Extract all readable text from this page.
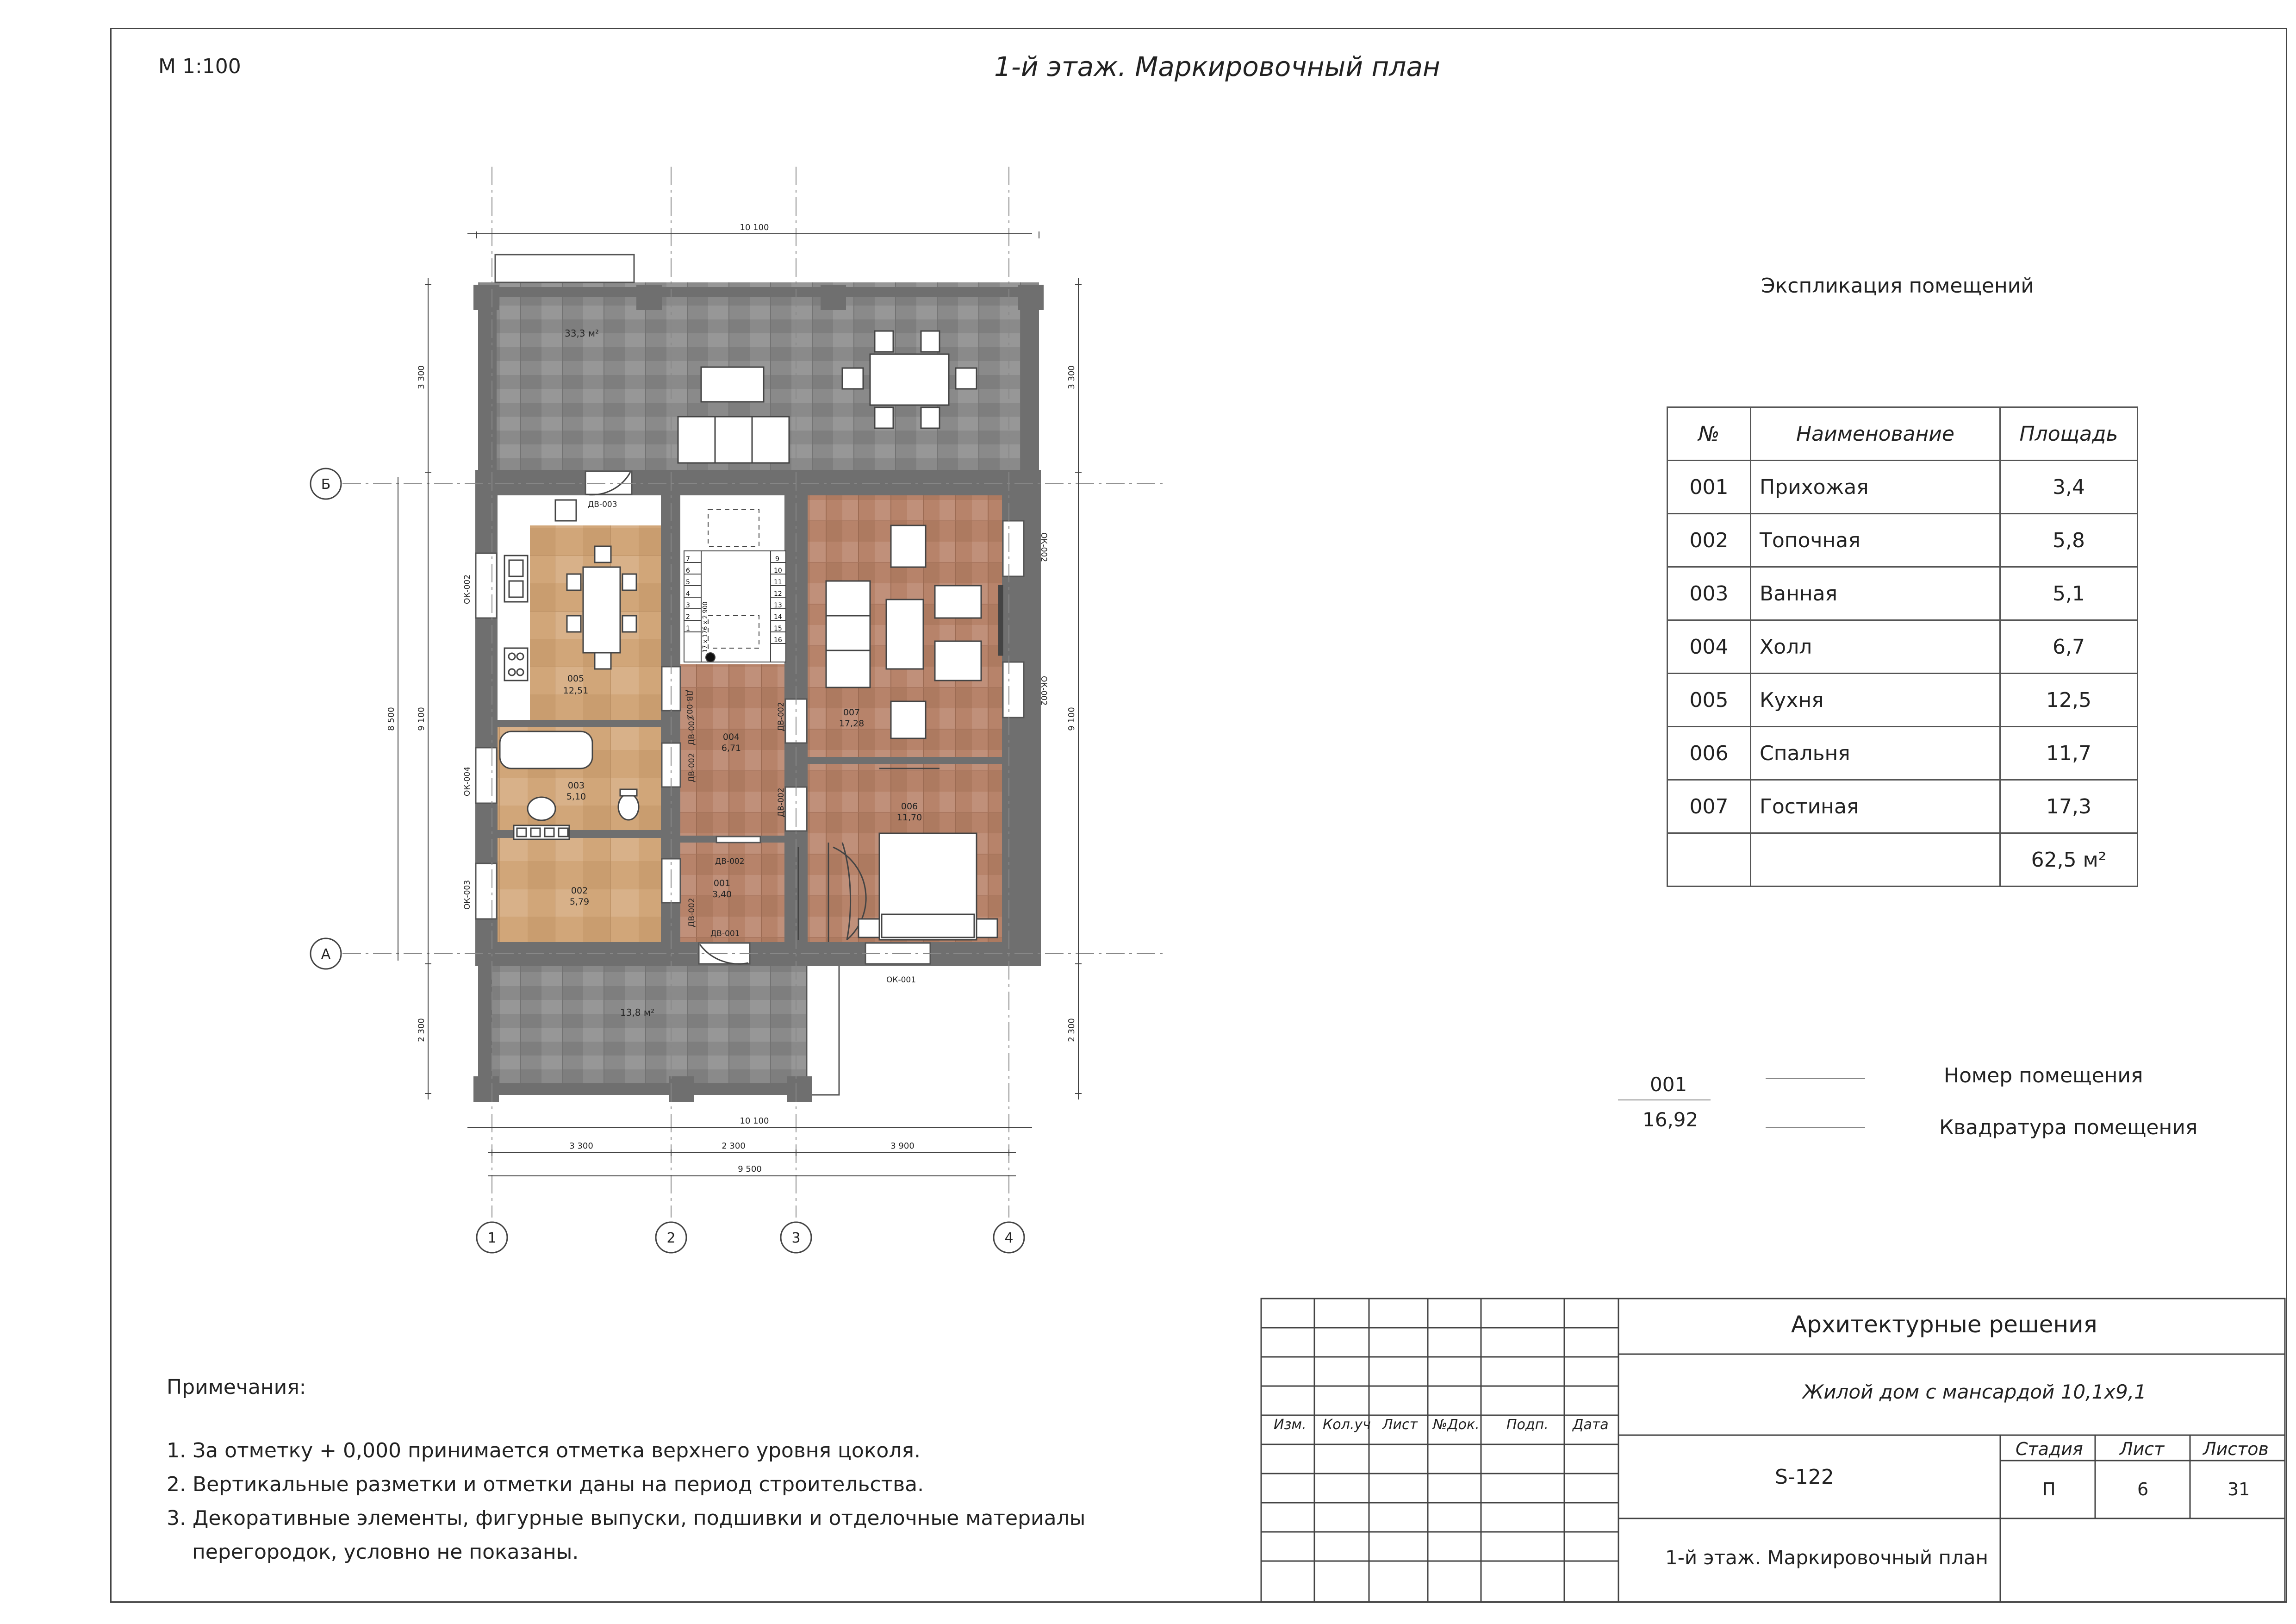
М 1:100	1-й этаж. Маркировочный план
33,3 м²
13,8 м²
7
6
5
4
3
2
1
9
10
11
12
13
14
15
16
17 х 176 х 2 900
005
12,51
003
5,10
002
5,79
004
6,71
001
3,40
007
17,28
006
11,70
ДВ-003
ДВ-002
ДВ-002	ДВ-002
ДВ-002
ДВ-002
ДВ-002
ДВ-002
ДВ-001
ОК-002
ОК-004
ОК-003
ОК-002
ОК-002
ОК-001
Б
А
1	2	3	4
10 100
10 100
3 300	2 300	3 900
9 500
3 300
8 500 9 100
2 300
3 300
9 100
2 300
Экспликация помещений
№	Наименование	Площадь
001	Прихожая	3,4
002	Топочная	5,8
003	Ванная	5,1
004	Холл	6,7
005	Кухня	12,5
006	Спальня	11,7
007	Гостиная	17,3
		62,5 м²
001
16,92
Номер помещения
Квадратура помещения

Примечания:

1. За отметку + 0,000 принимается отметка верхнего уровня цоколя.

2. Вертикальные разметки и отметки даны на период строительства.

3. Декоративные элементы, фигурные выпуски, подшивки и отделочные материалы

перегородок, условно не показаны.

Изм. Кол.уч Лист №Док. Подп. Дата
Архитектурные решения
Жилой дом с мансардой 10,1х9,1
S-122
Стадия Лист Листов
П	6	31
1-й этаж. Маркировочный план
